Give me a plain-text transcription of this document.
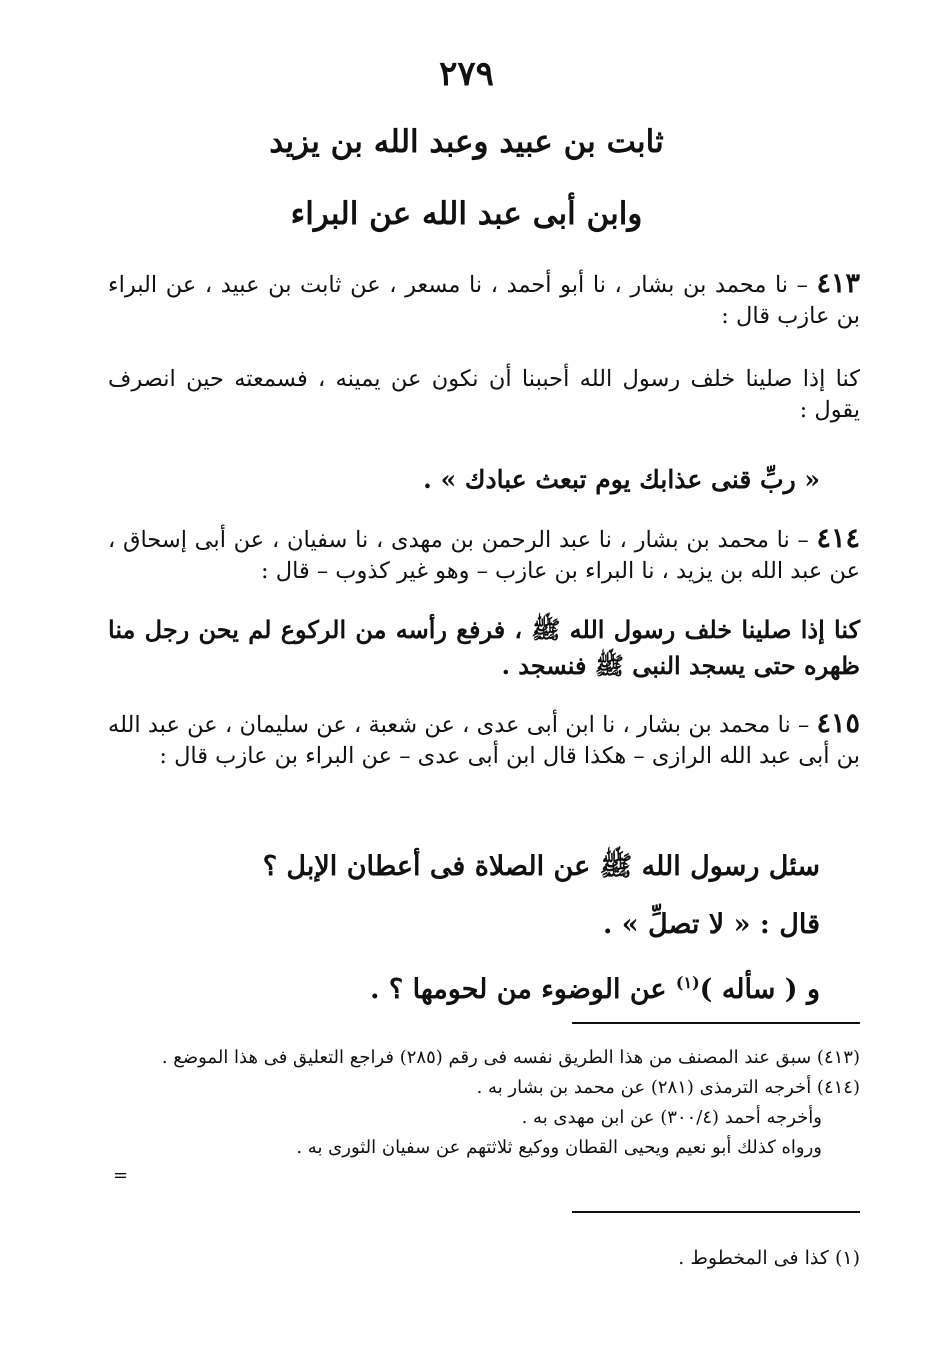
٢٧٩
ثابت بن عبيد وعبد الله بن يزيد
وابن أبى عبد الله عن البراء
٤١٣ – نا محمد بن بشار ، نا أبو أحمد ، نا مسعر ، عن ثابت بن عبيد ، عن البراء بن عازب قال :
كنا إذا صلينا خلف رسول الله أحببنا أن نكون عن يمينه ، فسمعته حين انصرف يقول :
« ربِّ قنى عذابك يوم تبعث عبادك » .
٤١٤ – نا محمد بن بشار ، نا عبد الرحمن بن مهدى ، نا سفيان ، عن أبى إسحاق ، عن عبد الله بن يزيد ، نا البراء بن عازب – وهو غير كذوب – قال :
كنا إذا صلينا خلف رسول الله ﷺ ، فرفع رأسه من الركوع لم يحن رجل منا ظهره حتى يسجد النبى ﷺ فنسجد .
٤١٥ – نا محمد بن بشار ، نا ابن أبى عدى ، عن شعبة ، عن سليمان ، عن عبد الله بن أبى عبد الله الرازى – هكذا قال ابن أبى عدى – عن البراء بن عازب قال :
سئل رسول الله ﷺ عن الصلاة فى أعطان الإبل ؟
قال : « لا تصلِّ » .
و ( سأله )$^{(١)}$ عن الوضوء من لحومها ؟ .
(٤١٣) سبق عند المصنف من هذا الطريق نفسه فى رقم (٢٨٥) فراجع التعليق فى هذا الموضع .
(٤١٤) أخرجه الترمذى (٢٨١) عن محمد بن بشار به .
وأخرجه أحمد (٣٠٠/٤) عن ابن مهدى به .
ورواه كذلك أبو نعيم ويحيى القطان ووكيع ثلاثتهم عن سفيان الثورى به .
=
(١) كذا فى المخطوط .
